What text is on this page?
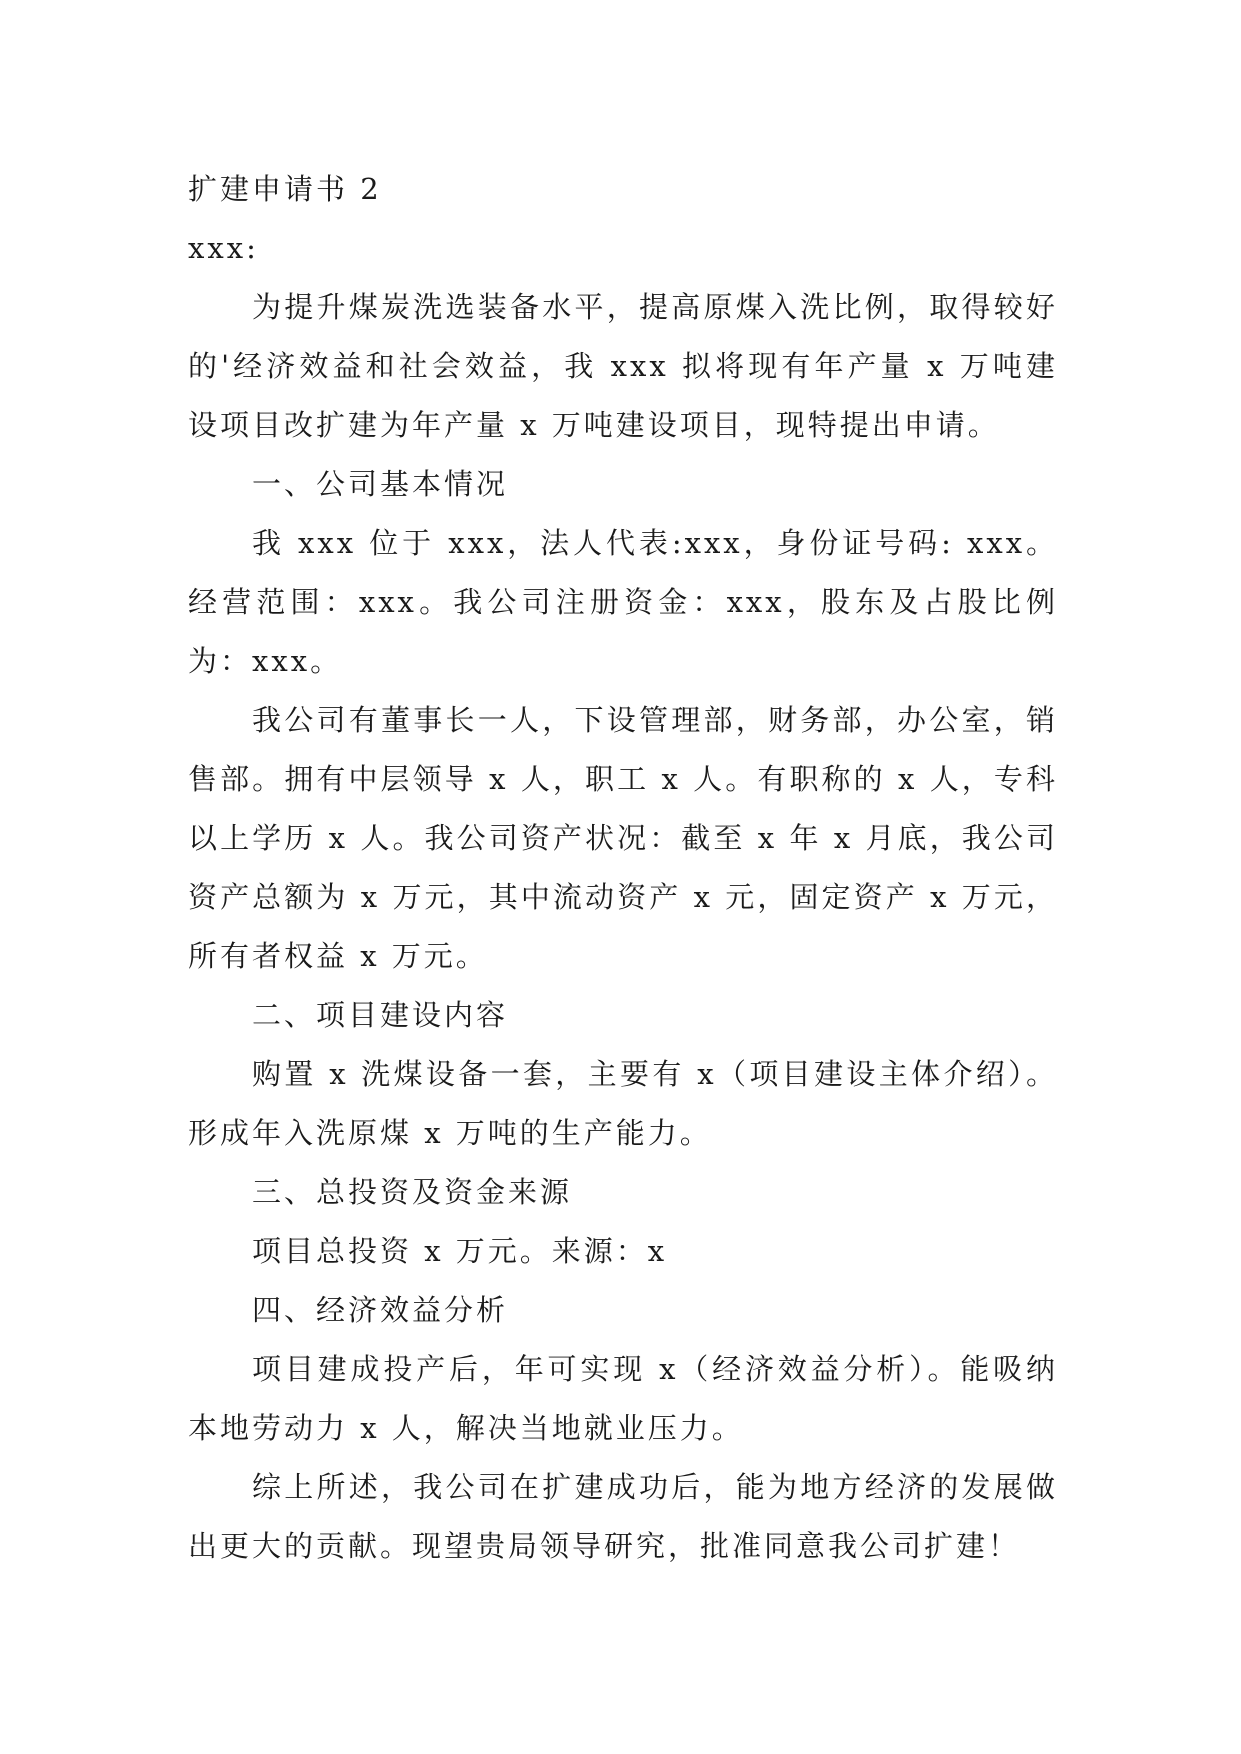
扩建申请书 2

xxx:

为提升煤炭洗选装备水平，提高原煤入洗比例，取得较好的'经济效益和社会效益，我 xxx 拟将现有年产量 x 万吨建设项目改扩建为年产量 x 万吨建设项目，现特提出申请。

一、公司基本情况

我 xxx 位于 xxx，法人代表:xxx，身份证号码: xxx。经营范围：xxx。我公司注册资金：xxx，股东及占股比例为：xxx。

我公司有董事长一人，下设管理部，财务部，办公室，销售部。拥有中层领导 x 人，职工 x 人。有职称的 x 人，专科以上学历 x 人。我公司资产状况：截至 x 年 x 月底，我公司资产总额为 x 万元，其中流动资产 x 元，固定资产 x 万元，所有者权益 x 万元。

二、项目建设内容

购置 x 洗煤设备一套，主要有 x（项目建设主体介绍）。形成年入洗原煤 x 万吨的生产能力。

三、总投资及资金来源

项目总投资 x 万元。来源：x

四、经济效益分析

项目建成投产后，年可实现 x（经济效益分析）。能吸纳本地劳动力 x 人，解决当地就业压力。

综上所述，我公司在扩建成功后，能为地方经济的发展做出更大的贡献。现望贵局领导研究，批准同意我公司扩建！
